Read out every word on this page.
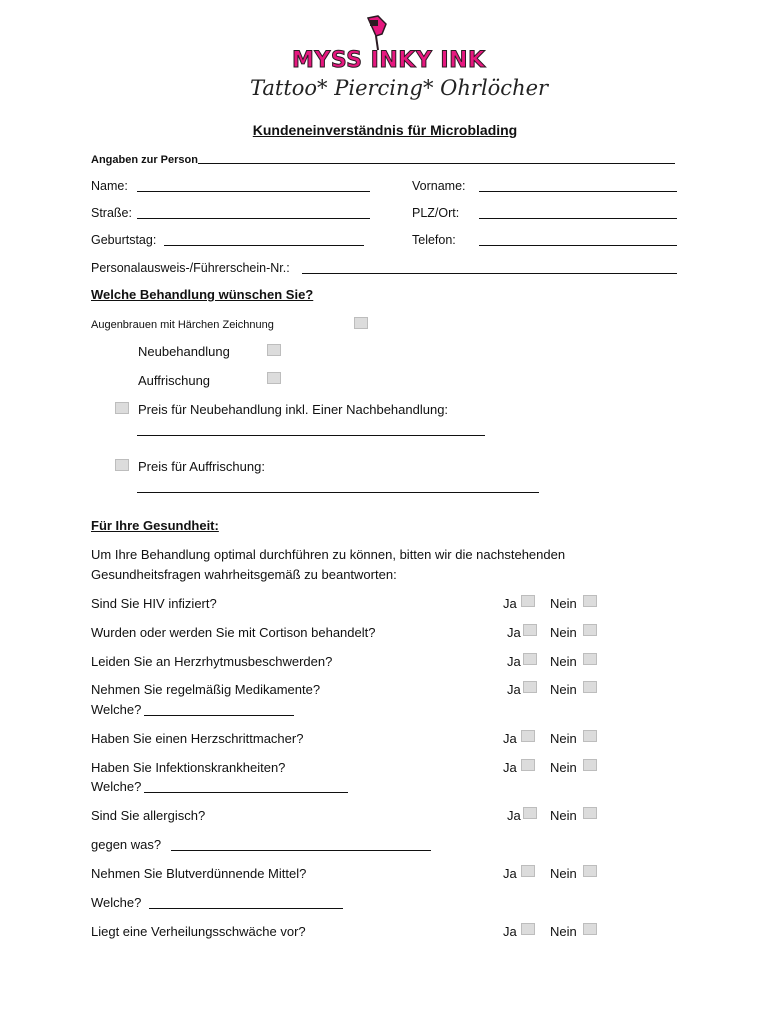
MYSS INKY INK
Tattoo* Piercing* Ohrlöcher
Kundeneinverständnis für Microblading
Angaben zur Person
Name:	Vorname:
Straße:	PLZ/Ort:
Geburtstag:	Telefon:
Personalausweis-/Führerschein-Nr.:
Welche Behandlung wünschen Sie?
Augenbrauen mit Härchen Zeichnung
Neubehandlung
Auffrischung
Preis für Neubehandlung inkl. Einer Nachbehandlung:
Preis für Auffrischung:
Für Ihre Gesundheit:
Um Ihre Behandlung optimal durchführen zu können, bitten wir die nachstehenden
Gesundheitsfragen wahrheitsgemäß zu beantworten:
Sind Sie HIV infiziert?	Ja	Nein
Wurden oder werden Sie mit Cortison behandelt?	Ja Nein
Leiden Sie an Herzrhytmusbeschwerden?	Ja Nein
Nehmen Sie regelmäßig Medikamente?	Ja Nein
Welche?
Haben Sie einen Herzschrittmacher?	Ja	Nein
Haben Sie Infektionskrankheiten?	Ja	Nein
Welche?
Sind Sie allergisch?	Ja Nein
gegen was?
Nehmen Sie Blutverdünnende Mittel?	Ja	Nein
Welche?
Liegt eine Verheilungsschwäche vor?	Ja	Nein
